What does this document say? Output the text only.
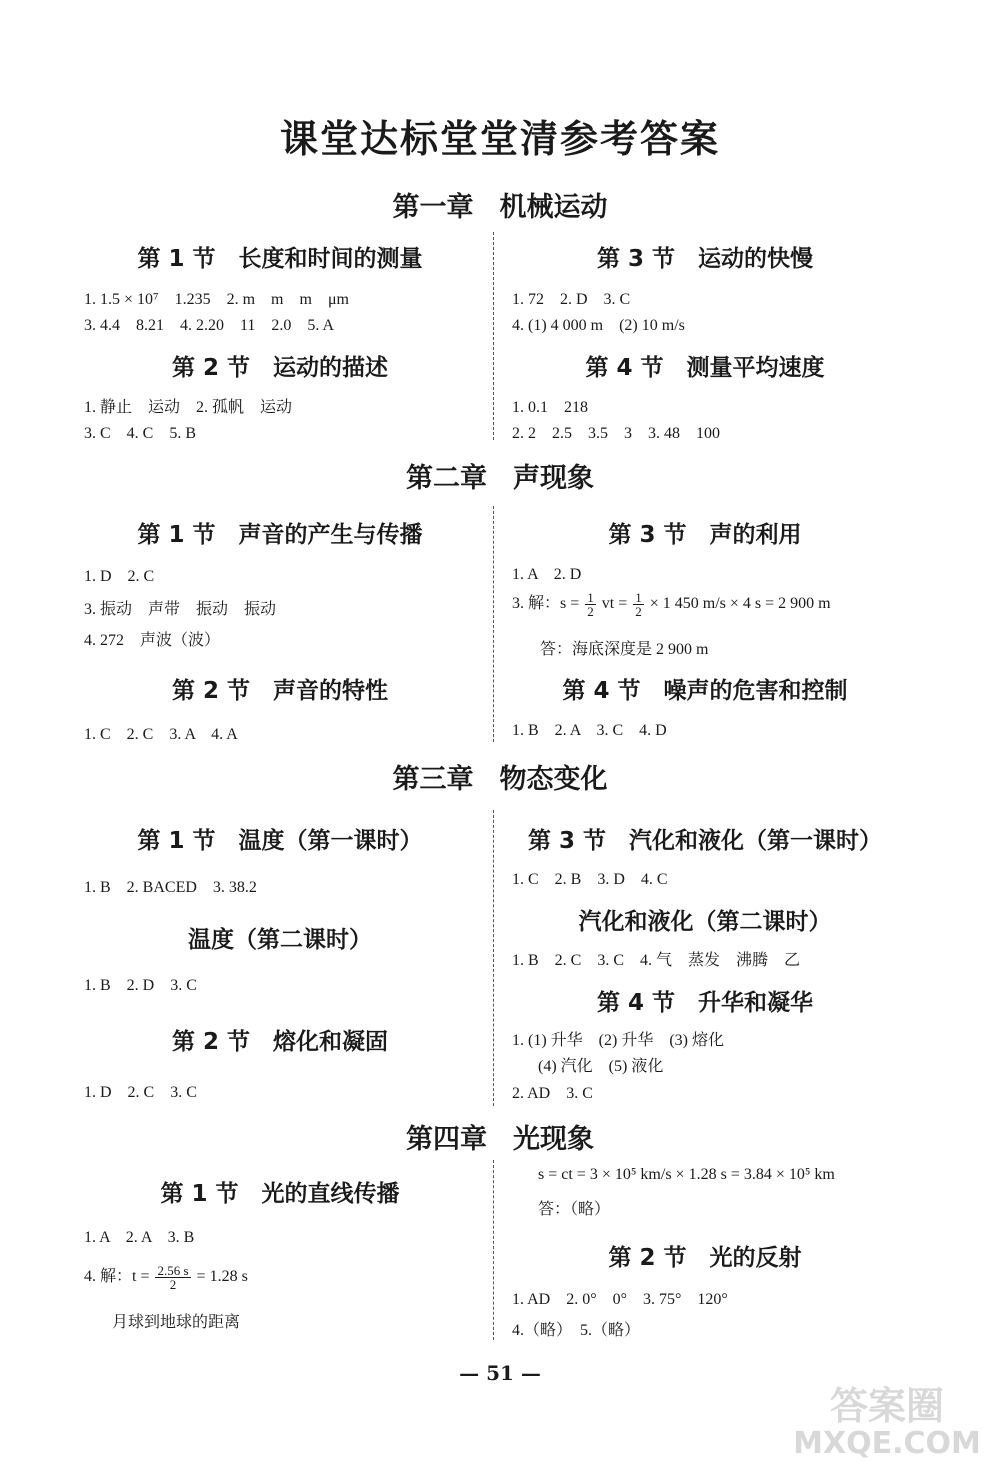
课堂达标堂堂清参考答案
第一章 机械运动
第 1 节　长度和时间的测量
1. 1.5 × 10⁷　1.235　2. m　m　m　μm
3. 4.4　8.21　4. 2.20　11　2.0　5. A
第 2 节　运动的描述
1. 静止　运动　2. 孤帆　运动
3. C　4. C　5. B
第 3 节　运动的快慢
1. 72　2. D　3. C
4. (1) 4 000 m　(2) 10 m/s
第 4 节　测量平均速度
1. 0.1　218
2. 2　2.5　3.5　3　3. 48　100
第二章 声现象
第 1 节　声音的产生与传播
1. D　2. C
3. 振动　声带　振动　振动
4. 272　声波（波）
第 2 节　声音的特性
1. C　2. C　3. A　4. A
第 3 节　声的利用
1. A　2. D
3. 解：$s = \frac{1}{2}$ vt = $\frac{1}{2} \times 1$ 450 m/s × 4 s = 2 900 m
答：海底深度是 2 900 m
第 4 节　噪声的危害和控制
1. B　2. A　3. C　4. D
第三章 物态变化
第 1 节　温度（第一课时）
1. B　2. BACED　3. 38.2
温度（第二课时）
1. B　2. D　3. C
第 2 节　熔化和凝固
1. D　2. C　3. C
第 3 节　汽化和液化（第一课时）
1. C　2. B　3. D　4. C
汽化和液化（第二课时）
1. B　2. C　3. C　4. 气　蒸发　沸腾　乙
第 4 节　升华和凝华
1. (1) 升华　(2) 升华　(3) 熔化
(4) 汽化　(5) 液化
2. AD　3. C
第四章 光现象
第 1 节　光的直线传播
1. A　2. A　3. B
4. 解：$t = \frac{2.56 s}{2} = 1.28$ s
月球到地球的距离
s = ct = 3 × 10⁵ km/s × 1.28 s = 3.84 × 10⁵ km
答：（略）
第 2 节　光的反射
1. AD　2. 0°　0°　3. 75°　120°
4.（略）　5.（略）
— 51 —
答案圈
MXQE.COM
